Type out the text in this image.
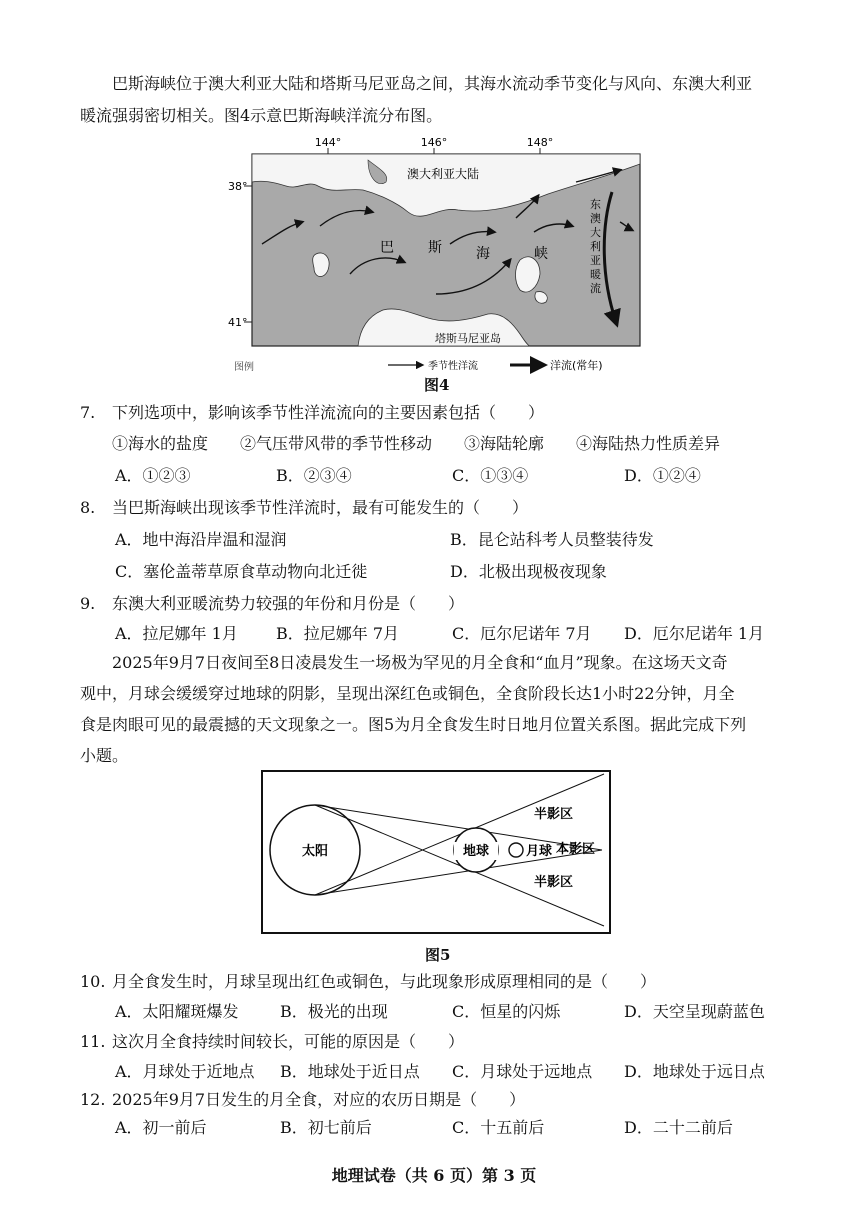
巴斯海峡位于澳大利亚大陆和塔斯马尼亚岛之间，其海水流动季节变化与风向、东澳大利亚
暖流强弱密切相关。图4示意巴斯海峡洋流分布图。
144°	146°	148°
38°
41°
澳大利亚大陆
巴 斯 海	峡
东
澳
大
利
亚
暖
流
塔斯马尼亚岛
图例	季节性洋流	洋流(常年)
图4
7. 下列选项中，影响该季节性洋流流向的主要因素包括（　　）
①海水的盐度　　②气压带风带的季节性移动　　③海陆轮廓　　④海陆热力性质差异
A．①②③	B．②③④	C．①③④	D．①②④
8. 当巴斯海峡出现该季节性洋流时，最有可能发生的（　　）
A．地中海沿岸温和湿润	B．昆仑站科考人员整装待发
C．塞伦盖蒂草原食草动物向北迁徙	D．北极出现极夜现象
9. 东澳大利亚暖流势力较强的年份和月份是（　　）
A．拉尼娜年 1月 B．拉尼娜年 7月	C．厄尔尼诺年 7月 D．厄尔尼诺年 1月
2025年9月7日夜间至8日凌晨发生一场极为罕见的月全食和“血月”现象。在这场天文奇
观中，月球会缓缓穿过地球的阴影，呈现出深红色或铜色，全食阶段长达1小时22分钟，月全
食是肉眼可见的最震撼的天文现象之一。图5为月全食发生时日地月位置关系图。据此完成下列
小题。
太阳	地球	月球 本影区
半影区
半影区
图5
10. 月全食发生时，月球呈现出红色或铜色，与此现象形成原理相同的是（　　）
A．太阳耀斑爆发	B．极光的出现	C．恒星的闪烁	D．天空呈现蔚蓝色
11. 这次月全食持续时间较长，可能的原因是（　　）
A．月球处于近地点 B．地球处于近日点 C．月球处于远地点 D．地球处于远日点
12. 2025年9月7日发生的月全食，对应的农历日期是（　　）
A．初一前后	B．初七前后	C．十五前后	D．二十二前后
地理试卷（共 6 页）第 3 页
